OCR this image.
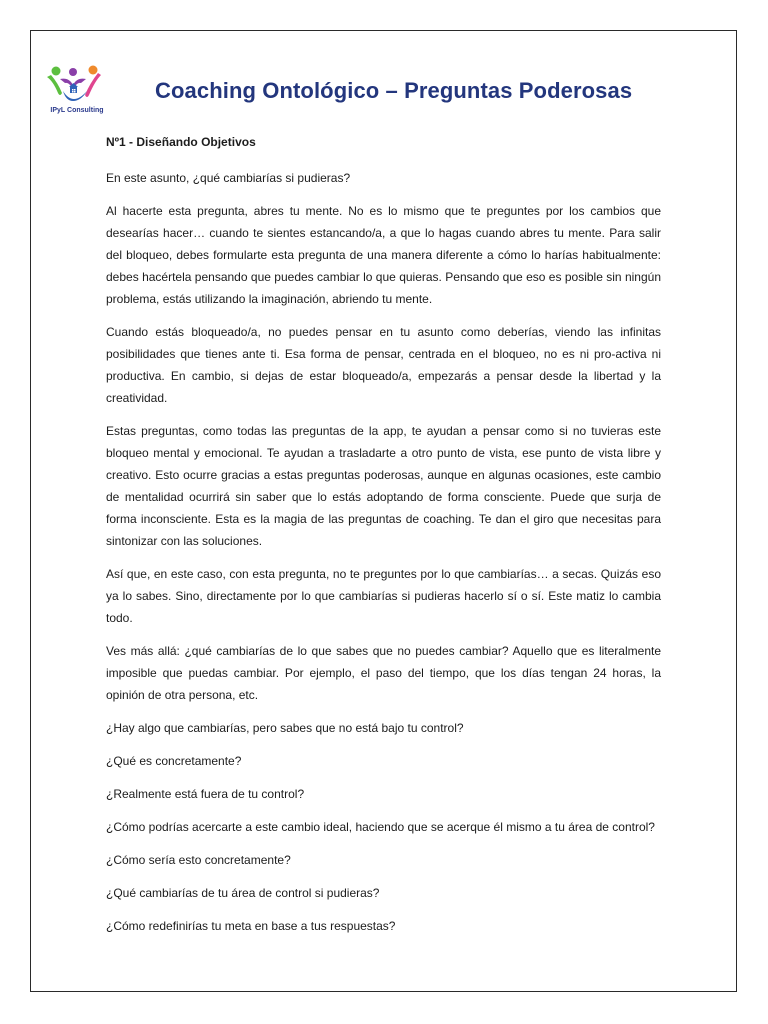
IPyL Consulting
Coaching Ontológico – Preguntas Poderosas
Nº1 - Diseñando Objetivos

En este asunto, ¿qué cambiarías si pudieras?

Al hacerte esta pregunta, abres tu mente. No es lo mismo que te preguntes por los cambios que desearías hacer… cuando te sientes estancando/a, a que lo hagas cuando abres tu mente. Para salir del bloqueo, debes formularte esta pregunta de una manera diferente a cómo lo harías habitualmente: debes hacértela pensando que puedes cambiar lo que quieras. Pensando que eso es posible sin ningún problema, estás utilizando la imaginación, abriendo tu mente.

Cuando estás bloqueado/a, no puedes pensar en tu asunto como deberías, viendo las infinitas posibilidades que tienes ante ti. Esa forma de pensar, centrada en el bloqueo, no es ni pro-activa ni productiva. En cambio, si dejas de estar bloqueado/a, empezarás a pensar desde la libertad y la creatividad.

Estas preguntas, como todas las preguntas de la app, te ayudan a pensar como si no tuvieras este bloqueo mental y emocional. Te ayudan a trasladarte a otro punto de vista, ese punto de vista libre y creativo. Esto ocurre gracias a estas preguntas poderosas, aunque en algunas ocasiones, este cambio de mentalidad ocurrirá sin saber que lo estás adoptando de forma consciente. Puede que surja de forma inconsciente. Esta es la magia de las preguntas de coaching. Te dan el giro que necesitas para sintonizar con las soluciones.

Así que, en este caso, con esta pregunta, no te preguntes por lo que cambiarías… a secas. Quizás eso ya lo sabes. Sino, directamente por lo que cambiarías si pudieras hacerlo sí o sí. Este matiz lo cambia todo.

Ves más allá: ¿qué cambiarías de lo que sabes que no puedes cambiar? Aquello que es literalmente imposible que puedas cambiar. Por ejemplo, el paso del tiempo, que los días tengan 24 horas, la opinión de otra persona, etc.

¿Hay algo que cambiarías, pero sabes que no está bajo tu control?

¿Qué es concretamente?

¿Realmente está fuera de tu control?

¿Cómo podrías acercarte a este cambio ideal, haciendo que se acerque él mismo a tu área de control?

¿Cómo sería esto concretamente?

¿Qué cambiarías de tu área de control si pudieras?

¿Cómo redefinirías tu meta en base a tus respuestas?
